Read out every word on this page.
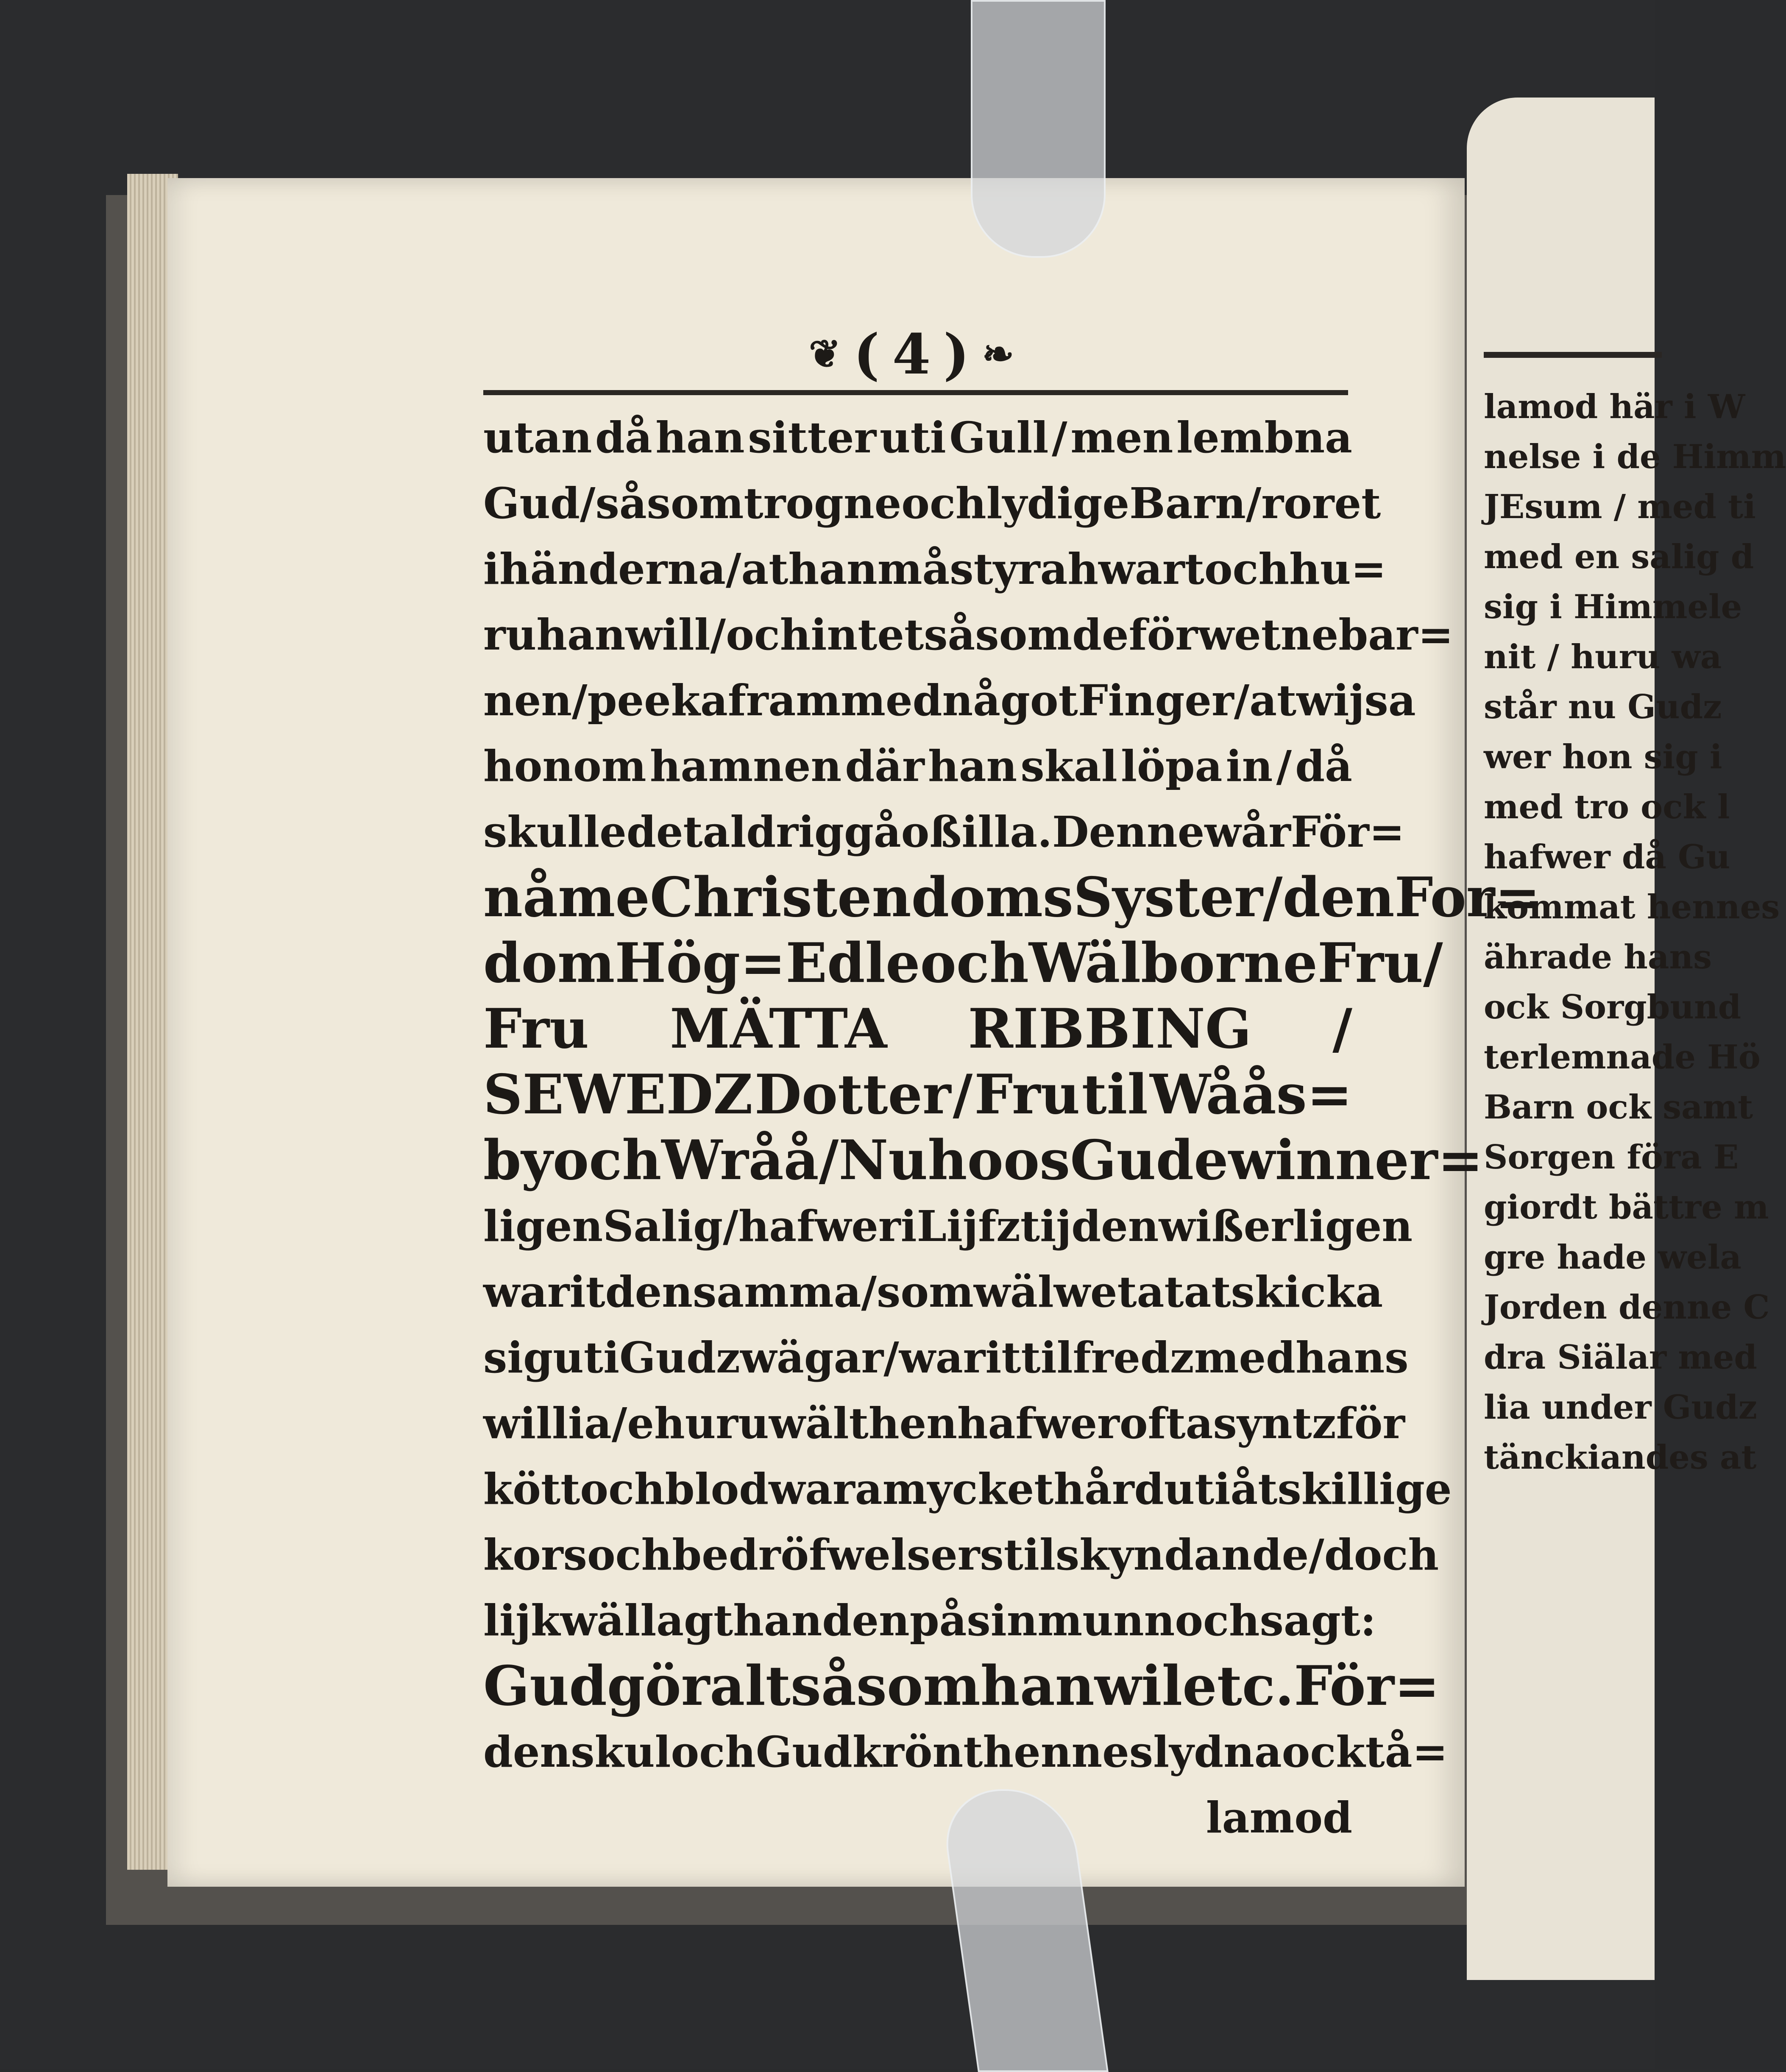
lamod här i W
nelse i de Himm
JEsum / med ti
med en salig d
sig i Himmele
nit / huru wa
står nu Gudz
wer hon sig i
med tro ock l
hafwer då Gu
kommat hennes
ährade hans
ock Sorgbund
terlemnade Hö
Barn ock samt
Sorgen föra E
giordt bättre m
gre hade wela
Jorden denne C
dra Siälar med
lia under Gudz
tänckiandes at
❦ ( 4 ) ❧
utan då han sitter uti Gull / men lembna
Gud / såsom trogne och lydige Barn / roret
i händerna / at han må styra hwart och hu=
ru han will / och intet såsom de förwetne bar=
nen / peeka fram med något Finger / at wijsa
honom hamnen där han skal löpa in / då
skulle det aldrig gå oß illa. Denne wår För=
nåme Christendoms Syster / den For=
dom Hög = Edle och Wälborne Fru /
Fru MÄTTA RIBBING /
SEWEDZ Dotter / Fru til Wåås=
by och Wråå / Nu hoos Gud ewinner=
ligen Salig / hafwer i Lijfztijden wißerligen
warit den samma / som wäl wetat at skicka
sig uti Gudz wägar / warit tilfredz med hans
willia / ehuruwäl then hafwer ofta syntz för
kött och blod wara mycket hård uti åtskillige
kors och bedröfwelsers tilskyndande / doch
lijkwäl lagt handen på sin munn och sagt:
Gud gör alt såsom han wil etc. För=
denskul och Gud krönt hennes lydna ock tå=
lamod
